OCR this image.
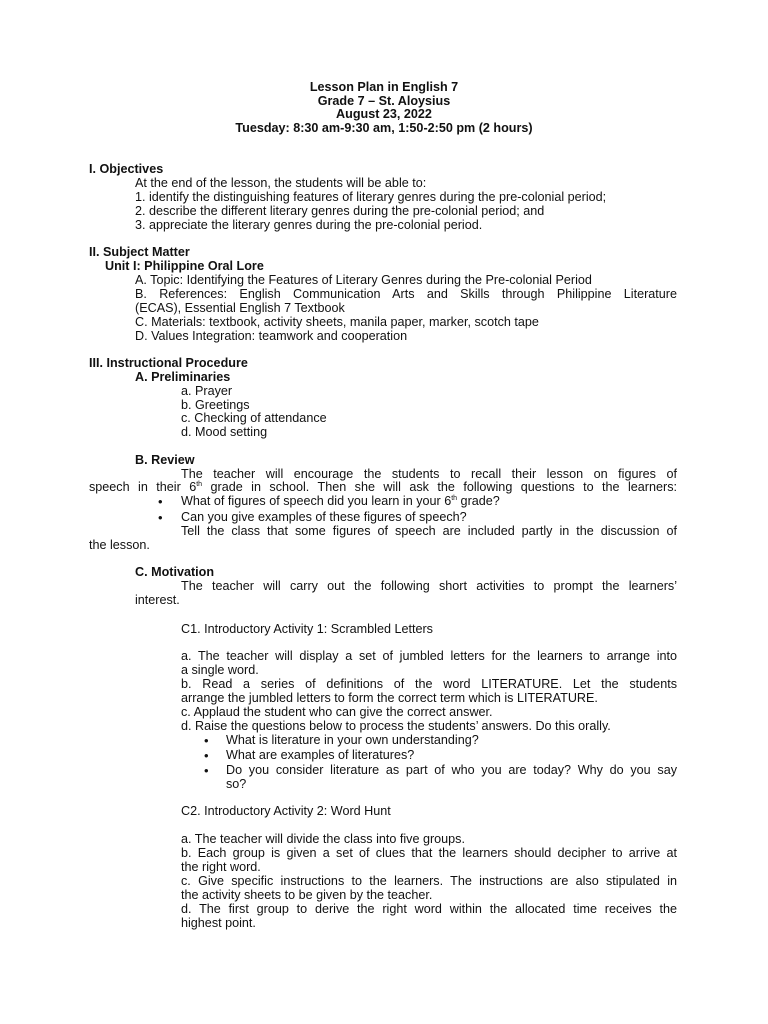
Lesson Plan in English 7
Grade 7 – St. Aloysius
August 23, 2022
Tuesday: 8:30 am-9:30 am, 1:50-2:50 pm (2 hours)
I. Objectives
At the end of the lesson, the students will be able to:
1. identify the distinguishing features of literary genres during the pre-colonial period;
2. describe the different literary genres during the pre-colonial period; and
3. appreciate the literary genres during the pre-colonial period.
II. Subject Matter
Unit I: Philippine Oral Lore
A. Topic: Identifying the Features of Literary Genres during the Pre-colonial Period
B. References: English Communication Arts and Skills through Philippine Literature
(ECAS), Essential English 7 Textbook
C. Materials: textbook, activity sheets, manila paper, marker, scotch tape
D. Values Integration: teamwork and cooperation
III. Instructional Procedure
A. Preliminaries
a. Prayer
b. Greetings
c. Checking of attendance
d. Mood setting
B. Review
The teacher will encourage the students to recall their lesson on figures of
speech in their 6th grade in school. Then she will ask the following questions to the learners:
• What of figures of speech did you learn in your 6th grade?
• Can you give examples of these figures of speech?
Tell the class that some figures of speech are included partly in the discussion of
the lesson.
C. Motivation
The teacher will carry out the following short activities to prompt the learners’
interest.
C1. Introductory Activity 1: Scrambled Letters
a. The teacher will display a set of jumbled letters for the learners to arrange into
a single word.
b. Read a series of definitions of the word LITERATURE. Let the students
arrange the jumbled letters to form the correct term which is LITERATURE.
c. Applaud the student who can give the correct answer.
d. Raise the questions below to process the students’ answers. Do this orally.
• What is literature in your own understanding?
• What are examples of literatures?
• Do you consider literature as part of who you are today? Why do you say
so?
C2. Introductory Activity 2: Word Hunt
a. The teacher will divide the class into five groups.
b. Each group is given a set of clues that the learners should decipher to arrive at
the right word.
c. Give specific instructions to the learners. The instructions are also stipulated in
the activity sheets to be given by the teacher.
d. The first group to derive the right word within the allocated time receives the
highest point.
